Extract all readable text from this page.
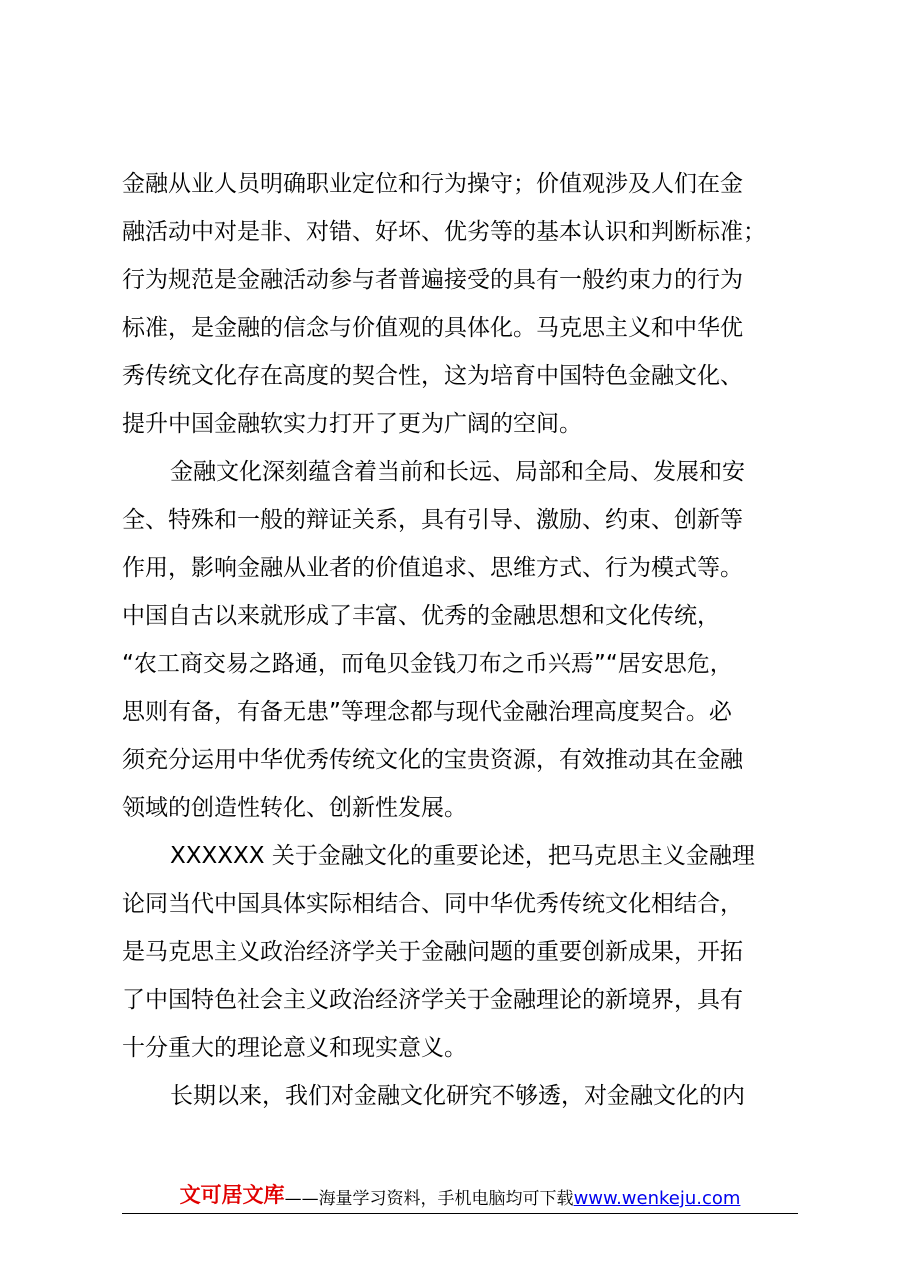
金融从业人员明确职业定位和行为操守；价值观涉及人们在金
融活动中对是非、对错、好坏、优劣等的基本认识和判断标准；
行为规范是金融活动参与者普遍接受的具有一般约束力的行为
标准，是金融的信念与价值观的具体化。马克思主义和中华优
秀传统文化存在高度的契合性，这为培育中国特色金融文化、
提升中国金融软实力打开了更为广阔的空间。
金融文化深刻蕴含着当前和长远、局部和全局、发展和安
全、特殊和一般的辩证关系，具有引导、激励、约束、创新等
作用，影响金融从业者的价值追求、思维方式、行为模式等。
中国自古以来就形成了丰富、优秀的金融思想和文化传统，
“农工商交易之路通，而龟贝金钱刀布之币兴焉”“居安思危，
思则有备，有备无患”等理念都与现代金融治理高度契合。必
须充分运用中华优秀传统文化的宝贵资源，有效推动其在金融
领域的创造性转化、创新性发展。
XXXXXX 关于金融文化的重要论述，把马克思主义金融理
论同当代中国具体实际相结合、同中华优秀传统文化相结合，
是马克思主义政治经济学关于金融问题的重要创新成果，开拓
了中国特色社会主义政治经济学关于金融理论的新境界，具有
十分重大的理论意义和现实意义。
长期以来，我们对金融文化研究不够透，对金融文化的内
文可居文库 ——海量学习资料，手机电脑均可下载 www.wenkeju.com
